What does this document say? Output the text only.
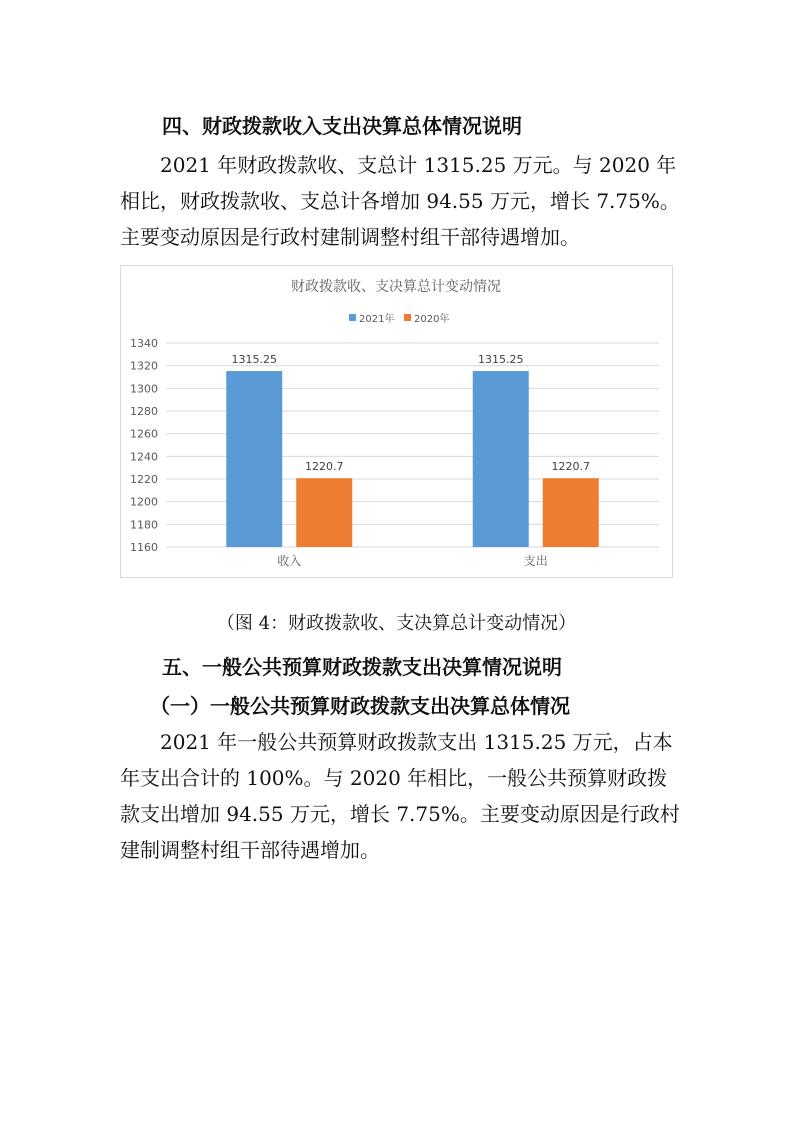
四、财政拨款收入支出决算总体情况说明

2021 年财政拨款收、支总计 1315.25 万元。与 2020 年相比，财政拨款收、支总计各增加 94.55 万元，增长 7.75%。主要变动原因是行政村建制调整村组干部待遇增加。

财政拨款收、支决算总计变动情况
2021年 2020年
1160
1180
1200
1220
1240
1260
1280
1300
1320
1340
1315.25
1220.7
1315.25
1220.7
收入	支出
（图 4：财政拨款收、支决算总计变动情况）
五、一般公共预算财政拨款支出决算情况说明
（一）一般公共预算财政拨款支出决算总体情况

2021 年一般公共预算财政拨款支出 1315.25 万元，占本年支出合计的 100%。与 2020 年相比，一般公共预算财政拨款支出增加 94.55 万元，增长 7.75%。主要变动原因是行政村建制调整村组干部待遇增加。
